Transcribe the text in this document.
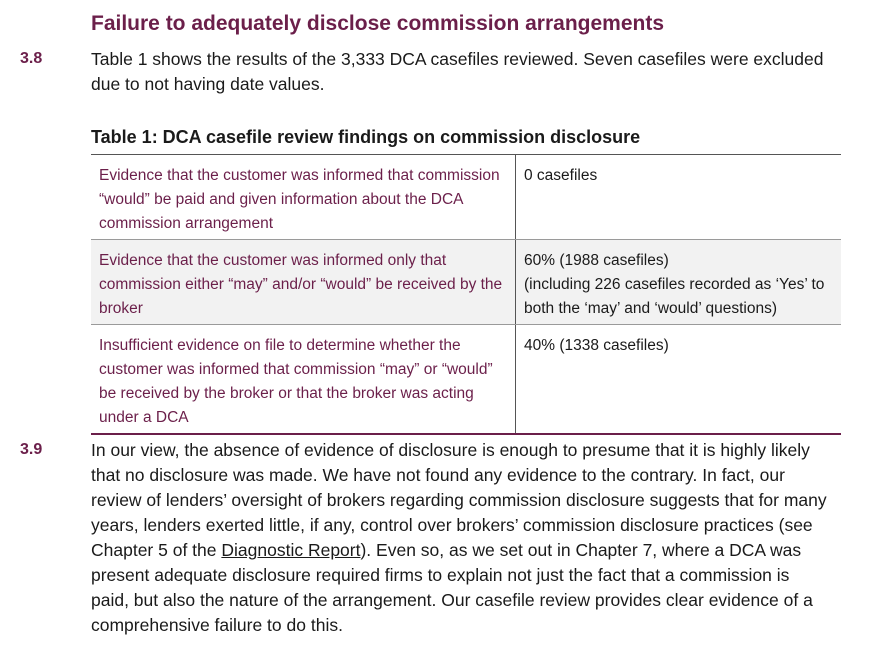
Failure to adequately disclose commission arrangements
3.8	Table 1 shows the results of the 3,333 DCA casefiles reviewed. Seven casefiles were excluded due to not having date values.
Table 1: DCA casefile review findings on commission disclosure
Evidence that the customer was informed that commission “would” be paid and given information about the DCA commission arrangement	0 casefiles

Evidence that the customer was informed only that commission either “may” and/or “would” be received by the broker	60% (1988 casefiles)
(including 226 casefiles recorded as ‘Yes’ to both the ‘may’ and ‘would’ questions)

Insufficient evidence on file to determine whether the customer was informed that commission “may” or “would” be received by the broker or that the broker was acting under a DCA	40% (1338 casefiles)
3.9	In our view, the absence of evidence of disclosure is enough to presume that it is highly likely that no disclosure was made. We have not found any evidence to the contrary. In fact, our review of lenders’ oversight of brokers regarding commission disclosure suggests that for many years, lenders exerted little, if any, control over brokers’ commission disclosure practices (see Chapter 5 of the Diagnostic Report). Even so, as we set out in Chapter 7, where a DCA was present adequate disclosure required firms to explain not just the fact that a commission is paid, but also the nature of the arrangement. Our casefile review provides clear evidence of a comprehensive failure to do this.
